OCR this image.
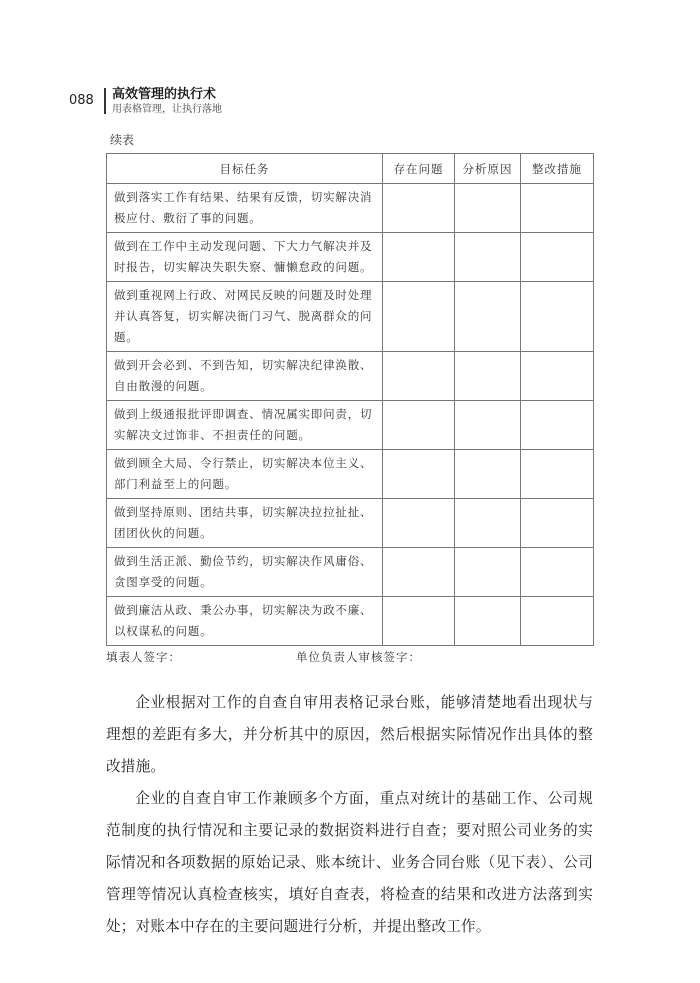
088	高效管理的执行术
用表格管理，让执行落地
续表
目标任务	存在问题	分析原因	整改措施
做到落实工作有结果、结果有反馈，切实解决消极应付、敷衍了事的问题。			
做到在工作中主动发现问题、下大力气解决并及时报告，切实解决失职失察、慵懒怠政的问题。			
做到重视网上行政、对网民反映的问题及时处理并认真答复，切实解决衙门习气、脱离群众的问题。			
做到开会必到、不到告知，切实解决纪律涣散、自由散漫的问题。			
做到上级通报批评即调查、情况属实即问责，切实解决文过饰非、不担责任的问题。			
做到顾全大局、令行禁止，切实解决本位主义、部门利益至上的问题。			
做到坚持原则、团结共事，切实解决拉拉扯扯、团团伙伙的问题。			
做到生活正派、勤俭节约，切实解决作风庸俗、贪图享受的问题。			
做到廉洁从政、秉公办事，切实解决为政不廉、以权谋私的问题。			
填表人签字：	单位负责人审核签字：

企业根据对工作的自查自审用表格记录台账，能够清楚地看出现状与理想的差距有多大，并分析其中的原因，然后根据实际情况作出具体的整改措施。

企业的自查自审工作兼顾多个方面，重点对统计的基础工作、公司规范制度的执行情况和主要记录的数据资料进行自查；要对照公司业务的实际情况和各项数据的原始记录、账本统计、业务合同台账（见下表）、公司管理等情况认真检查核实，填好自查表，将检查的结果和改进方法落到实处；对账本中存在的主要问题进行分析，并提出整改工作。
